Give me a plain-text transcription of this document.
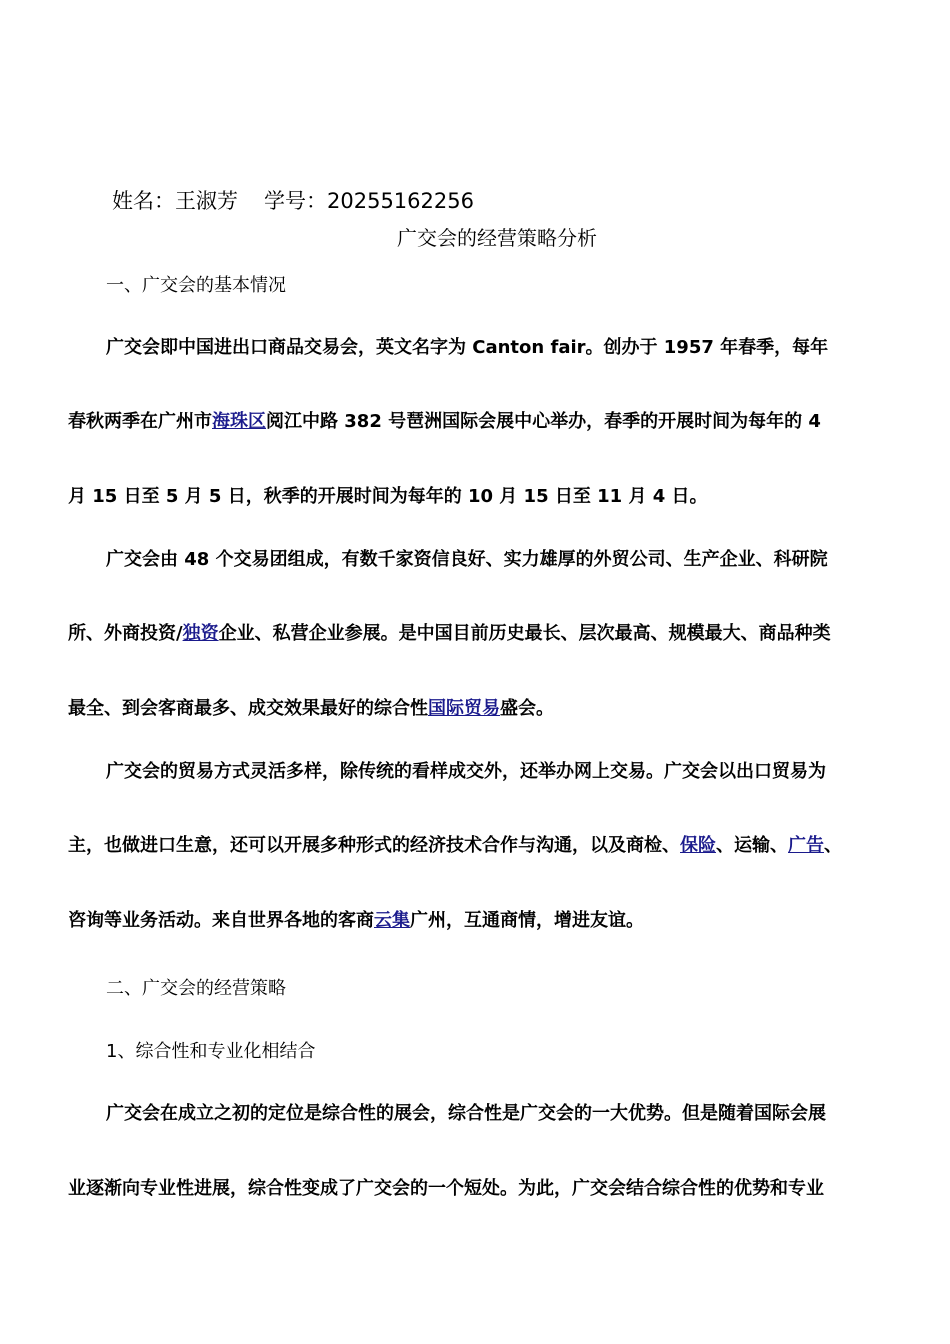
姓名：王淑芳 学号：20255162256
广交会的经营策略分析
一、广交会的基本情况
广交会即中国进出口商品交易会，英文名字为 Canton fair。创办于 1957 年春季，每年
春秋两季在广州市海珠区阅江中路 382 号琶洲国际会展中心举办，春季的开展时间为每年的 4
月 15 日至 5 月 5 日，秋季的开展时间为每年的 10 月 15 日至 11 月 4 日。
广交会由 48 个交易团组成，有数千家资信良好、实力雄厚的外贸公司、生产企业、科研院
所、外商投资/独资企业、私营企业参展。是中国目前历史最长、层次最高、规模最大、商品种类
最全、到会客商最多、成交效果最好的综合性国际贸易盛会。
广交会的贸易方式灵活多样，除传统的看样成交外，还举办网上交易。广交会以出口贸易为
主，也做进口生意，还可以开展多种形式的经济技术合作与沟通，以及商检、保险、运输、广告、
咨询等业务活动。来自世界各地的客商云集广州，互通商情，增进友谊。
二、广交会的经营策略
1、综合性和专业化相结合
广交会在成立之初的定位是综合性的展会，综合性是广交会的一大优势。但是随着国际会展
业逐渐向专业性进展，综合性变成了广交会的一个短处。为此，广交会结合综合性的优势和专业
